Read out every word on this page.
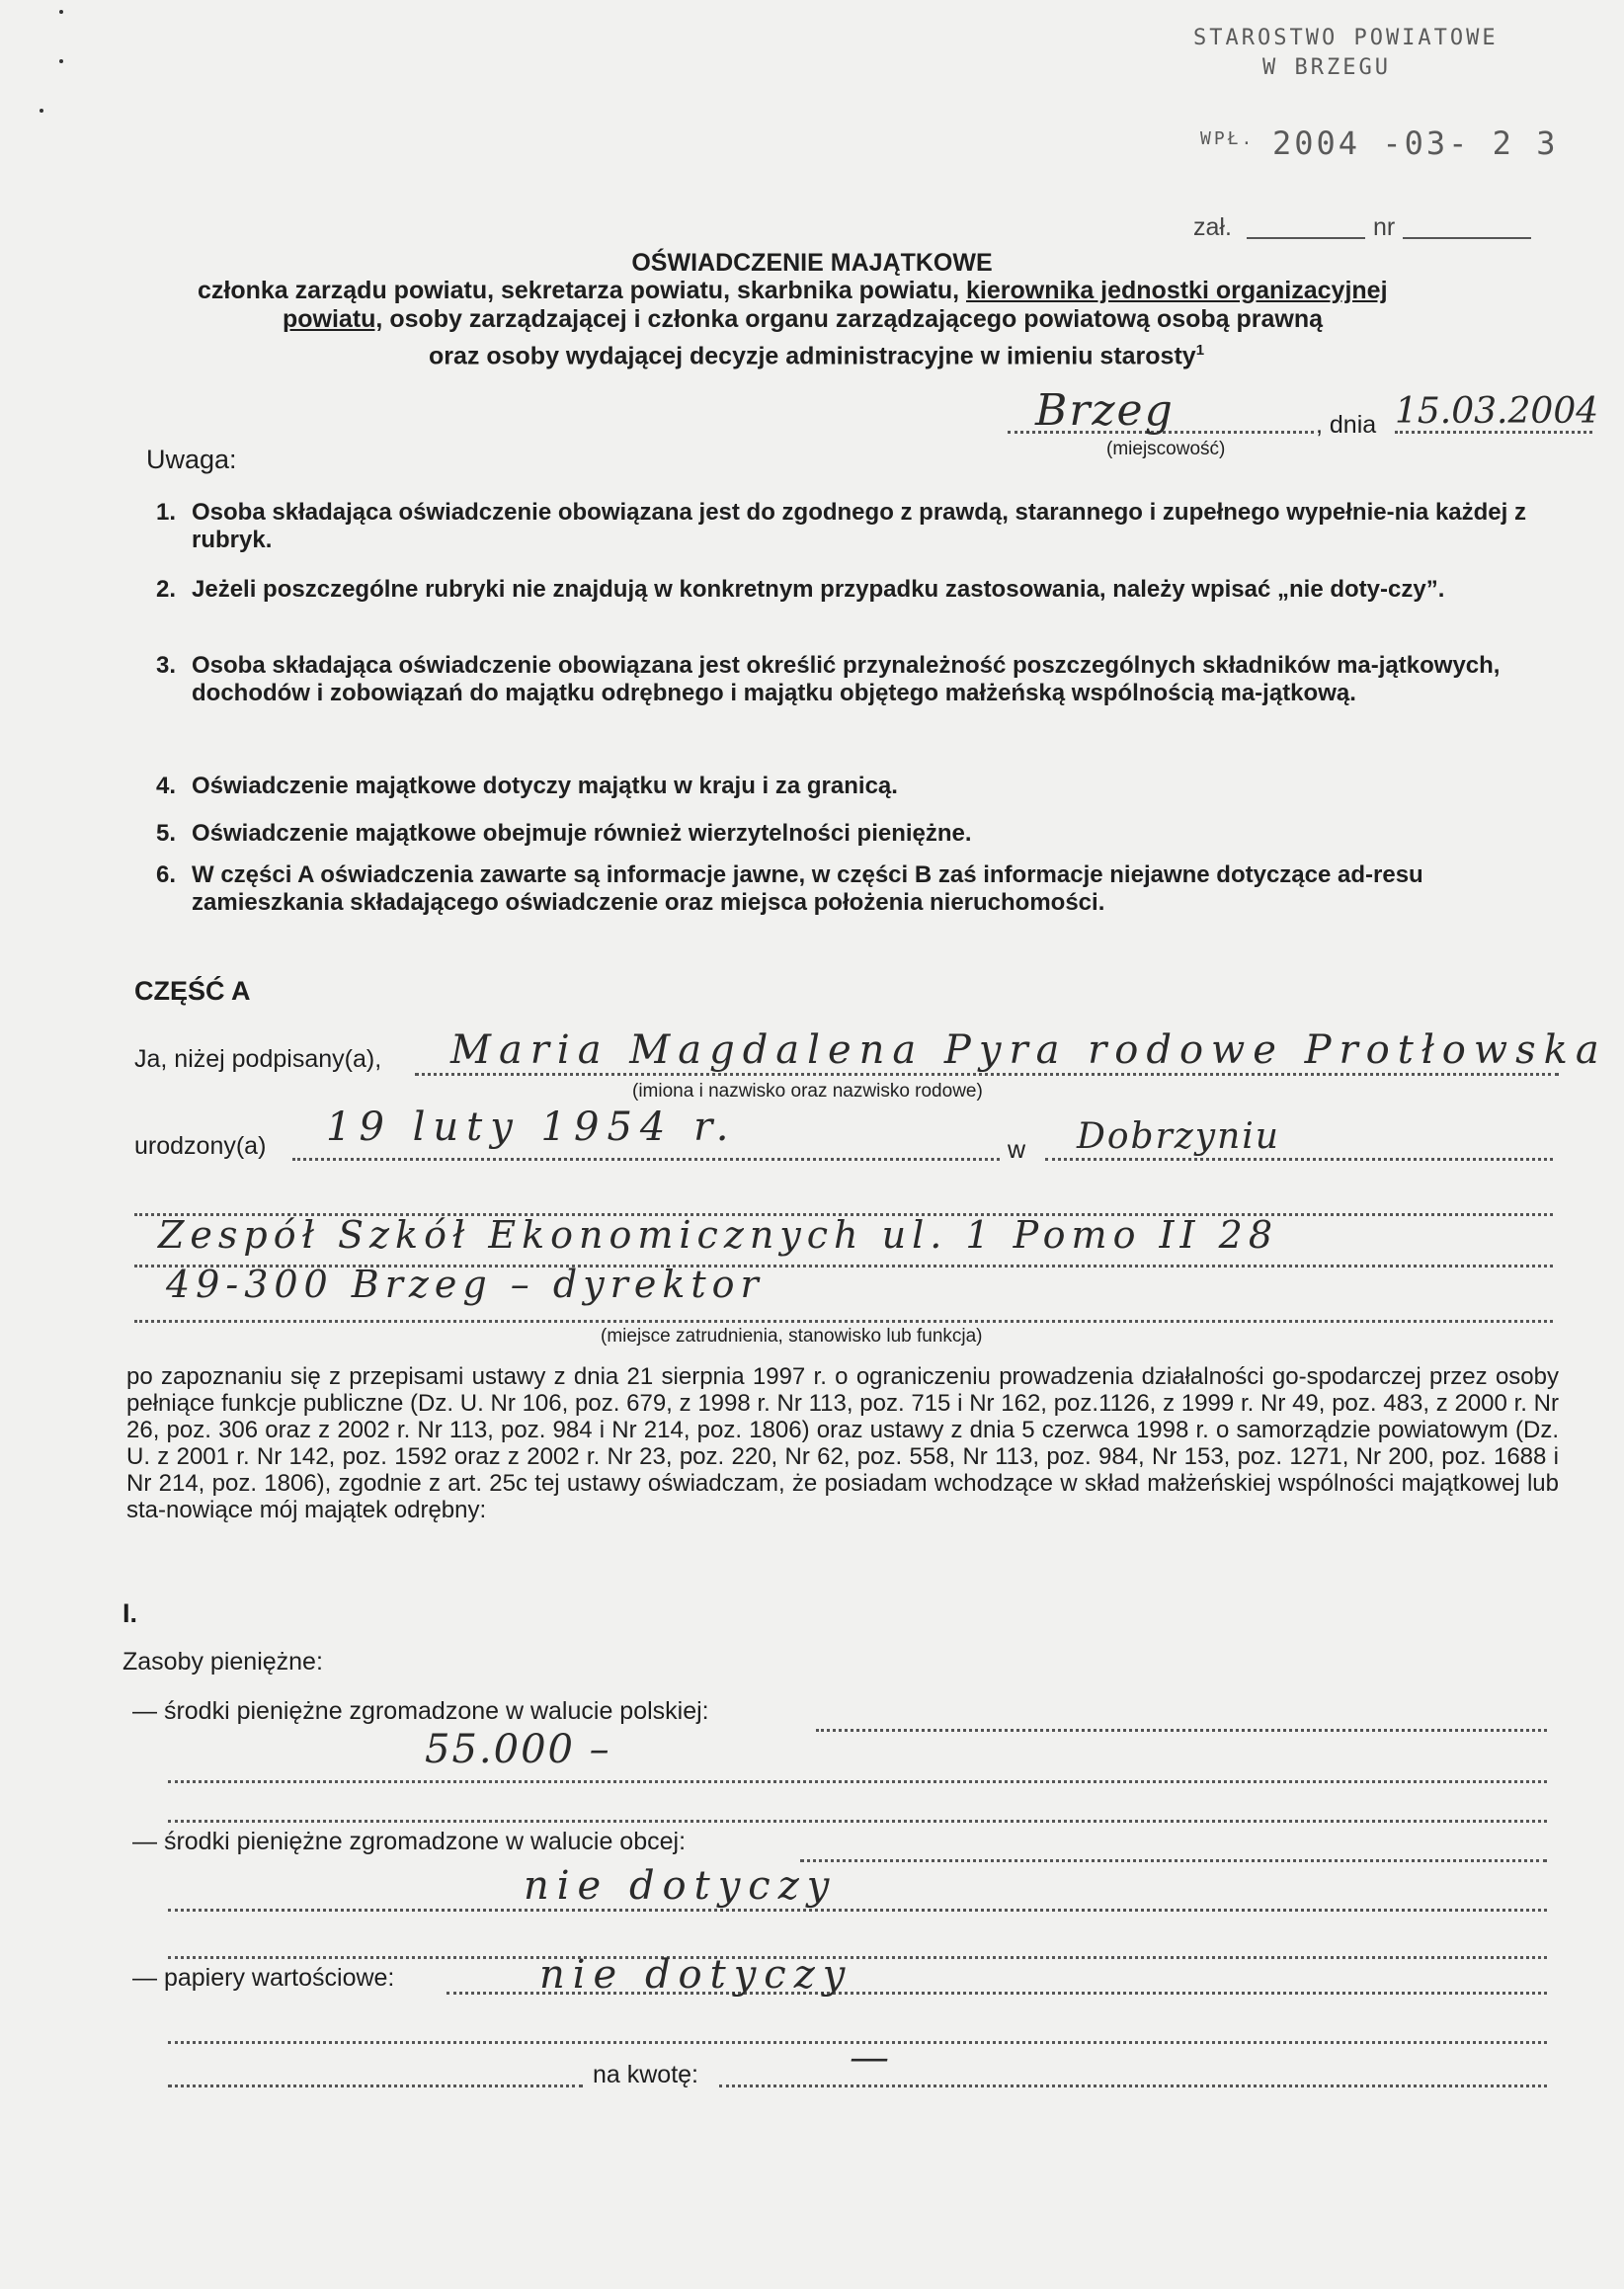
STAROSTWO POWIATOWE
W BRZEGU
WPŁ. 2004 -03- 2 3
zał.	nr
OŚWIADCZENIE MAJĄTKOWE
członka zarządu powiatu, sekretarza powiatu, skarbnika powiatu, kierownika jednostki organizacyjnej
powiatu, osoby zarządzającej i członka organu zarządzającego powiatową osobą prawną
oraz osoby wydającej decyzje administracyjne w imieniu starosty$^1$
Brzeg	, dnia 15.03.2004
(miejscowość)
Uwaga:
1. Osoba składająca oświadczenie obowiązana jest do zgodnego z prawdą, starannego i zupełnego wypełnie-nia każdej z rubryk.
2. Jeżeli poszczególne rubryki nie znajdują w konkretnym przypadku zastosowania, należy wpisać „nie doty-czy”.
3. Osoba składająca oświadczenie obowiązana jest określić przynależność poszczególnych składników ma-jątkowych, dochodów i zobowiązań do majątku odrębnego i majątku objętego małżeńską wspólnością ma-jątkową.
4. Oświadczenie majątkowe dotyczy majątku w kraju i za granicą.
5. Oświadczenie majątkowe obejmuje również wierzytelności pieniężne.
6. W części A oświadczenia zawarte są informacje jawne, w części B zaś informacje niejawne dotyczące ad-resu zamieszkania składającego oświadczenie oraz miejsca położenia nieruchomości.
CZĘŚĆ A
Ja, niżej podpisany(a), Maria Magdalena Pyra rodowe Protłowska
(imiona i nazwisko oraz nazwisko rodowe)
urodzony(a) 19 luty 1954 r.	w Dobrzyniu
Zespół Szkół Ekonomicznych ul. 1 Pomo II 28
49-300 Brzeg – dyrektor
(miejsce zatrudnienia, stanowisko lub funkcja)
po zapoznaniu się z przepisami ustawy z dnia 21 sierpnia 1997 r. o ograniczeniu prowadzenia działalności go-spodarczej przez osoby pełniące funkcje publiczne (Dz. U. Nr 106, poz. 679, z 1998 r. Nr 113, poz. 715 i Nr 162, poz.1126, z 1999 r. Nr 49, poz. 483, z 2000 r. Nr 26, poz. 306 oraz z 2002 r. Nr 113, poz. 984 i Nr 214, poz. 1806) oraz ustawy z dnia 5 czerwca 1998 r. o samorządzie powiatowym (Dz. U. z 2001 r. Nr 142, poz. 1592 oraz z 2002 r. Nr 23, poz. 220, Nr 62, poz. 558, Nr 113, poz. 984, Nr 153, poz. 1271, Nr 200, poz. 1688 i Nr 214, poz. 1806), zgodnie z art. 25c tej ustawy oświadczam, że posiadam wchodzące w skład małżeńskiej wspólności majątkowej lub sta-nowiące mój majątek odrębny:
I.
Zasoby pieniężne:
— środki pieniężne zgromadzone w walucie polskiej:
55.000 –
— środki pieniężne zgromadzone w walucie obcej:
nie dotyczy
— papiery wartościowe:	nie dotyczy
na kwotę:	—
